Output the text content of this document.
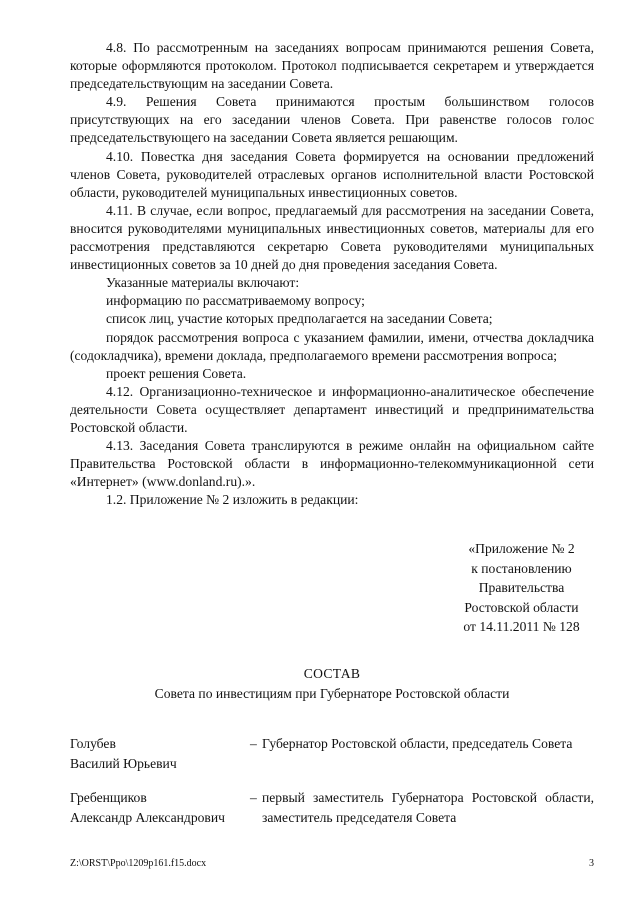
4.8. По рассмотренным на заседаниях вопросам принимаются решения Совета, которые оформляются протоколом. Протокол подписывается секретарем и утверждается председательствующим на заседании Совета.

4.9. Решения Совета принимаются простым большинством голосов присутствующих на его заседании членов Совета. При равенстве голосов голос председательствующего на заседании Совета является решающим.

4.10. Повестка дня заседания Совета формируется на основании предложений членов Совета, руководителей отраслевых органов исполнительной власти Ростовской области, руководителей муниципальных инвестиционных советов.

4.11. В случае, если вопрос, предлагаемый для рассмотрения на заседании Совета, вносится руководителями муниципальных инвестиционных советов, материалы для его рассмотрения представляются секретарю Совета руководителями муниципальных инвестиционных советов за 10 дней до дня проведения заседания Совета.

Указанные материалы включают:

информацию по рассматриваемому вопросу;

список лиц, участие которых предполагается на заседании Совета;

порядок рассмотрения вопроса с указанием фамилии, имени, отчества докладчика (содокладчика), времени доклада, предполагаемого времени рассмотрения вопроса;

проект решения Совета.

4.12. Организационно-техническое и информационно-аналитическое обеспечение деятельности Совета осуществляет департамент инвестиций и предпринимательства Ростовской области.

4.13. Заседания Совета транслируются в режиме онлайн на официальном сайте Правительства Ростовской области в информационно-телекоммуникационной сети «Интернет» (www.donland.ru).».

1.2. Приложение № 2 изложить в редакции:

«Приложение № 2
к постановлению
Правительства
Ростовской области
от 14.11.2011 № 128
СОСТАВ
Совета по инвестициям при Губернаторе Ростовской области
Голубев
Василий Юрьевич
– Губернатор Ростовской области, председатель Совета
Гребенщиков
Александр Александрович
– первый заместитель Губернатора Ростовской области, заместитель председателя Совета
Z:\ORST\Ppo\1209p161.f15.docx	3
